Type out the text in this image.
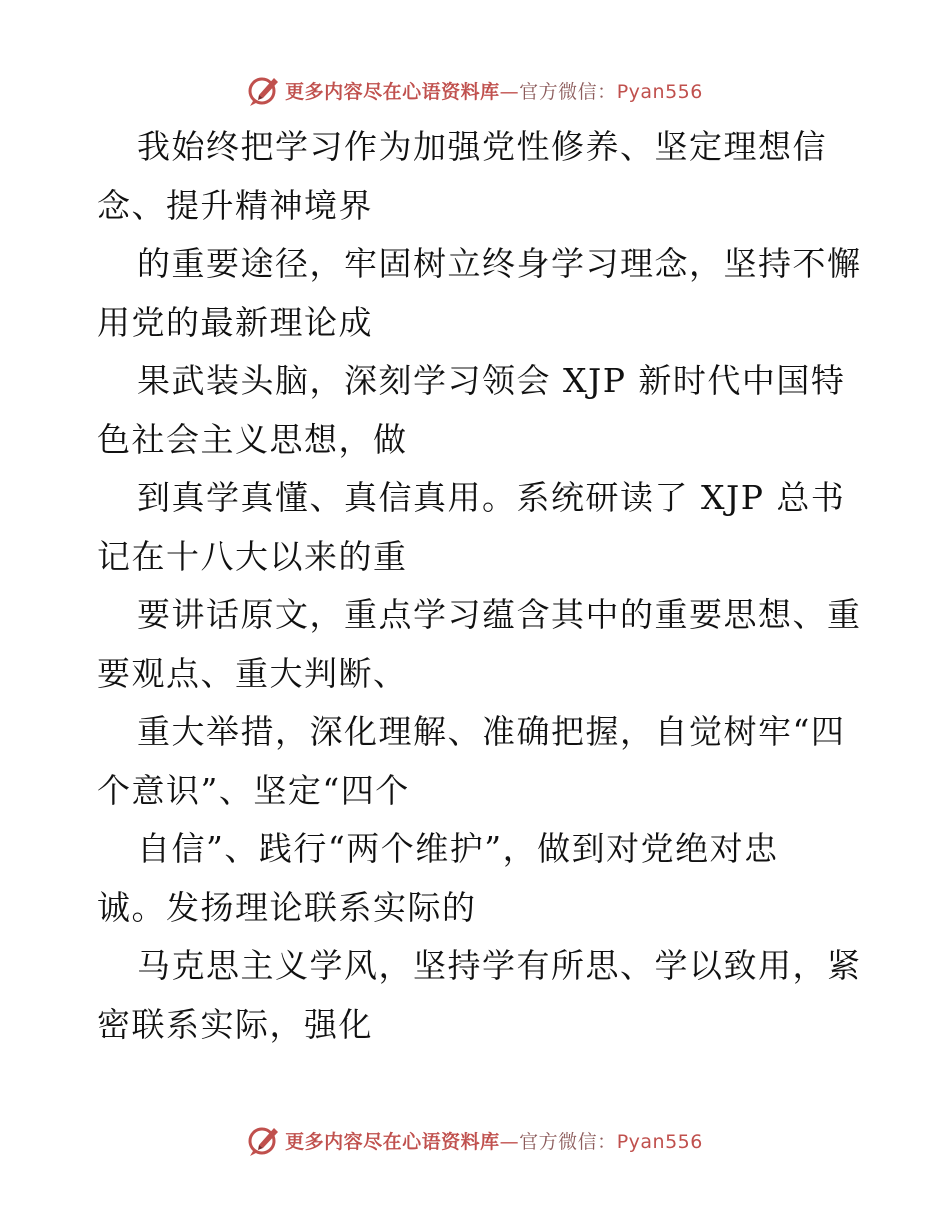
更多内容尽在心语资料库—官方微信：Pyan556
我始终把学习作为加强党性修养、坚定理想信
念、提升精神境界
的重要途径，牢固树立终身学习理念，坚持不懈
用党的最新理论成
果武装头脑，深刻学习领会 XJP 新时代中国特
色社会主义思想，做
到真学真懂、真信真用。系统研读了 XJP 总书
记在十八大以来的重
要讲话原文，重点学习蕴含其中的重要思想、重
要观点、重大判断、
重大举措，深化理解、准确把握，自觉树牢“四
个意识”、坚定“四个
自信”、践行“两个维护”，做到对党绝对忠
诚。发扬理论联系实际的
马克思主义学风，坚持学有所思、学以致用，紧
密联系实际，强化
更多内容尽在心语资料库—官方微信：Pyan556
